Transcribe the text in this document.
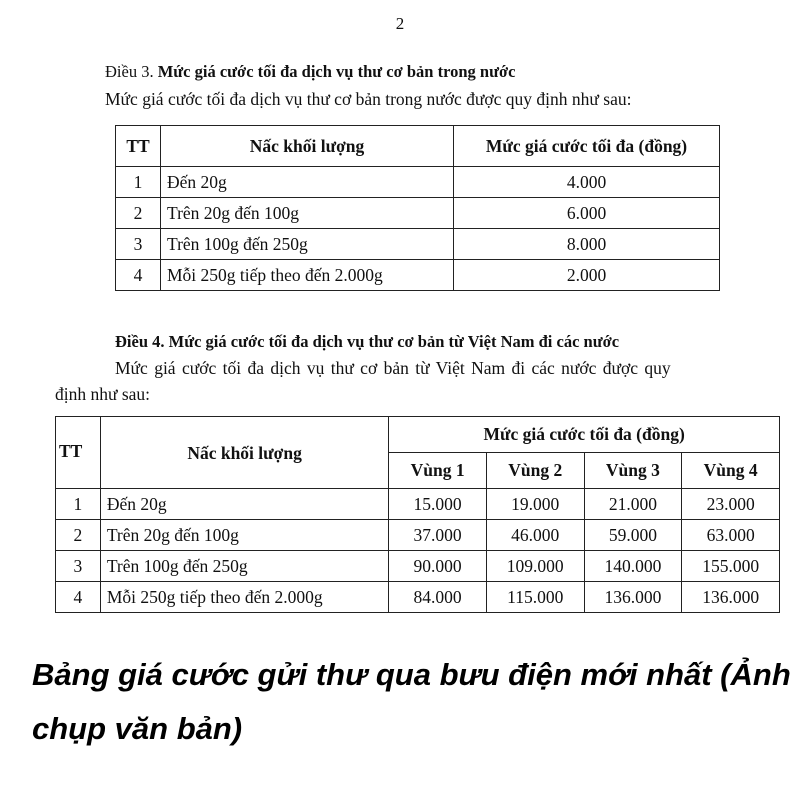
2
Điều 3. Mức giá cước tối đa dịch vụ thư cơ bản trong nước
Mức giá cước tối đa dịch vụ thư cơ bản trong nước được quy định như sau:
TT	Nấc khối lượng	Mức giá cước tối đa (đồng)
1	Đến 20g	4.000
2	Trên 20g đến 100g	6.000
3	Trên 100g đến 250g	8.000
4	Mỗi 250g tiếp theo đến 2.000g	2.000
Điều 4. Mức giá cước tối đa dịch vụ thư cơ bản từ Việt Nam đi các nước
Mức giá cước tối đa dịch vụ thư cơ bản từ Việt Nam đi các nước được quy
định như sau:
TT	Nấc khối lượng	Mức giá cước tối đa (đồng)			
		Vùng 1	Vùng 2	Vùng 3	Vùng 4
1	Đến 20g	15.000	19.000	21.000	23.000
2	Trên 20g đến 100g	37.000	46.000	59.000	63.000
3	Trên 100g đến 250g	90.000	109.000	140.000	155.000
4	Mỗi 250g tiếp theo đến 2.000g	84.000	115.000	136.000	136.000
Bảng giá cước gửi thư qua bưu điện mới nhất (Ảnh chụp văn bản)
